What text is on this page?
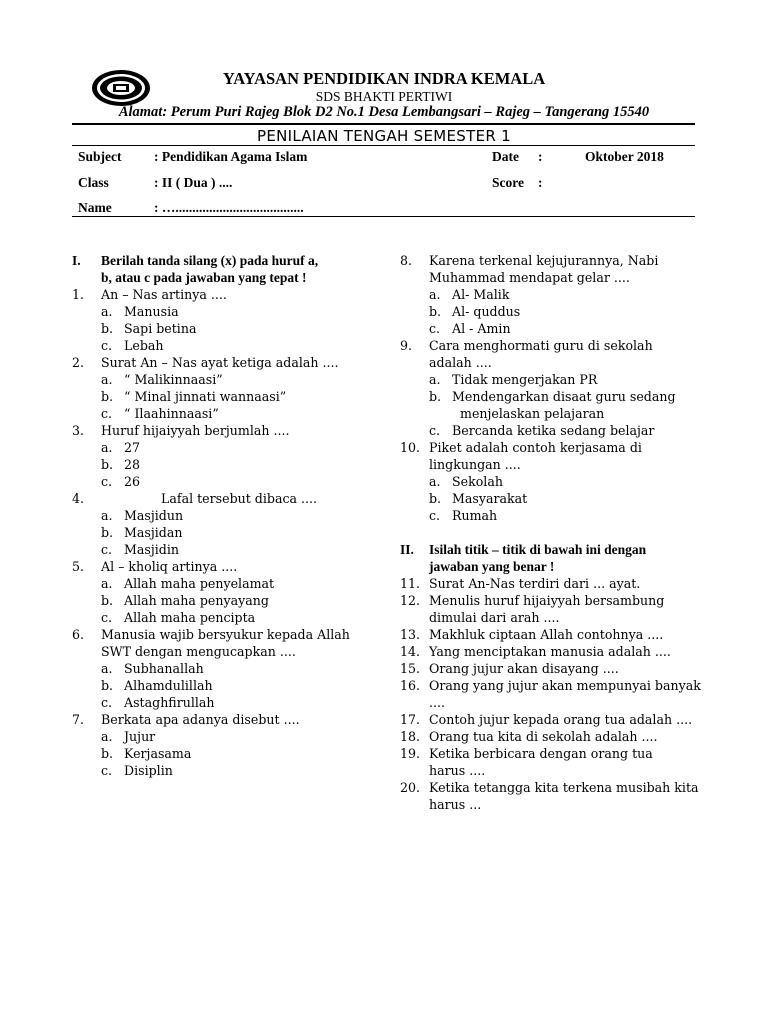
YAYASAN PENDIDIKAN INDRA KEMALA
SDS BHAKTI PERTIWI
Alamat: Perum Puri Rajeg Blok D2 No.1 Desa Lembangsari – Rajeg – Tangerang 15540
PENILAIAN TENGAH SEMESTER 1
Subject : Pendidikan Agama Islam	Date :	Oktober 2018
Class	: II ( Dua ) ....	Score :
Name	: …......................................
I.	Berilah tanda silang (x) pada huruf a,
b, atau c pada jawaban yang tepat !
1.	An – Nas artinya ....
a. Manusia
b. Sapi betina
c. Lebah
2.	Surat An – Nas ayat ketiga adalah ....
a. “ Malikinnaasi”
b. “ Minal jinnati wannaasi”
c. “ Ilaahinnaasi”
3.	Huruf hijaiyyah berjumlah ....
a. 27
b. 28
c. 26
4.	Lafal tersebut dibaca ....
a. Masjidun
b. Masjidan
c. Masjidin
5.	Al – kholiq artinya ....
a. Allah maha penyelamat
b. Allah maha penyayang
c. Allah maha pencipta
6.	Manusia wajib bersyukur kepada Allah
SWT dengan mengucapkan ....
a. Subhanallah
b. Alhamdulillah
c. Astaghfirullah
7.	Berkata apa adanya disebut ....
a. Jujur
b. Kerjasama
c. Disiplin
8.	Karena terkenal kejujurannya, Nabi
Muhammad mendapat gelar ....
a. Al- Malik
b. Al- quddus
c. Al - Amin
9.	Cara menghormati guru di sekolah
adalah ....
a. Tidak mengerjakan PR
b. Mendengarkan disaat guru sedang
menjelaskan pelajaran
c. Bercanda ketika sedang belajar
10. Piket adalah contoh kerjasama di
lingkungan ....
a. Sekolah
b. Masyarakat
c. Rumah
II.	Isilah titik – titik di bawah ini dengan
jawaban yang benar !
11. Surat An-Nas terdiri dari ... ayat.
12. Menulis huruf hijaiyyah bersambung
dimulai dari arah ....
13. Makhluk ciptaan Allah contohnya ....
14. Yang menciptakan manusia adalah ....
15. Orang jujur akan disayang ....
16. Orang yang jujur akan mempunyai banyak
....
17. Contoh jujur kepada orang tua adalah ....
18. Orang tua kita di sekolah adalah ....
19. Ketika berbicara dengan orang tua
harus ....
20. Ketika tetangga kita terkena musibah kita
harus ...
